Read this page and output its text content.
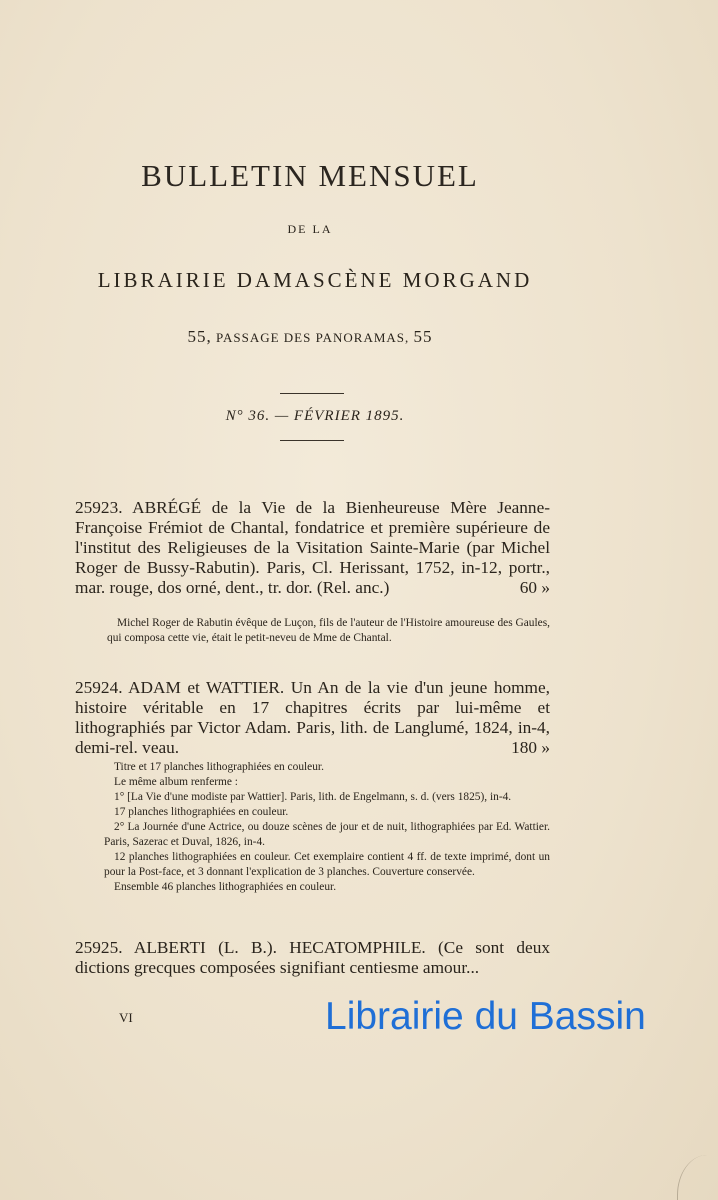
BULLETIN MENSUEL
DE LA
LIBRAIRIE DAMASCÈNE MORGAND
55, PASSAGE DES PANORAMAS, 55
N° 36. — FÉVRIER 1895.
25923. ABRÉGÉ de la Vie de la Bienheureuse Mère Jeanne-Françoise Frémiot de Chantal, fondatrice et première supérieure de l'institut des Religieuses de la Visitation Sainte-Marie (par Michel Roger de Bussy-Rabutin). Paris, Cl. Herissant, 1752, in-12, portr., mar. rouge, dos orné, dent., tr. dor. (Rel. anc.)	60 »
Michel Roger de Rabutin évêque de Luçon, fils de l'auteur de l'Histoire amoureuse des Gaules, qui composa cette vie, était le petit-neveu de Mme de Chantal.
25924. ADAM et WATTIER. Un An de la vie d'un jeune homme, histoire véritable en 17 chapitres écrits par lui-même et lithographiés par Victor Adam. Paris, lith. de Langlumé, 1824, in-4, demi-rel. veau.	180 »

Titre et 17 planches lithographiées en couleur.

Le même album renferme :

1° [La Vie d'une modiste par Wattier]. Paris, lith. de Engelmann, s. d. (vers 1825), in-4.

17 planches lithographiées en couleur.

2° La Journée d'une Actrice, ou douze scènes de jour et de nuit, lithographiées par Ed. Wattier. Paris, Sazerac et Duval, 1826, in-4.

12 planches lithographiées en couleur. Cet exemplaire contient 4 ff. de texte imprimé, dont un pour la Post-face, et 3 donnant l'explication de 3 planches. Couverture conservée.

Ensemble 46 planches lithographiées en couleur.

25925. ALBERTI (L. B.). HECATOMPHILE. (Ce sont deux dictions grecques composées signifiant centiesme amour...
VI	Librairie du Bassin
